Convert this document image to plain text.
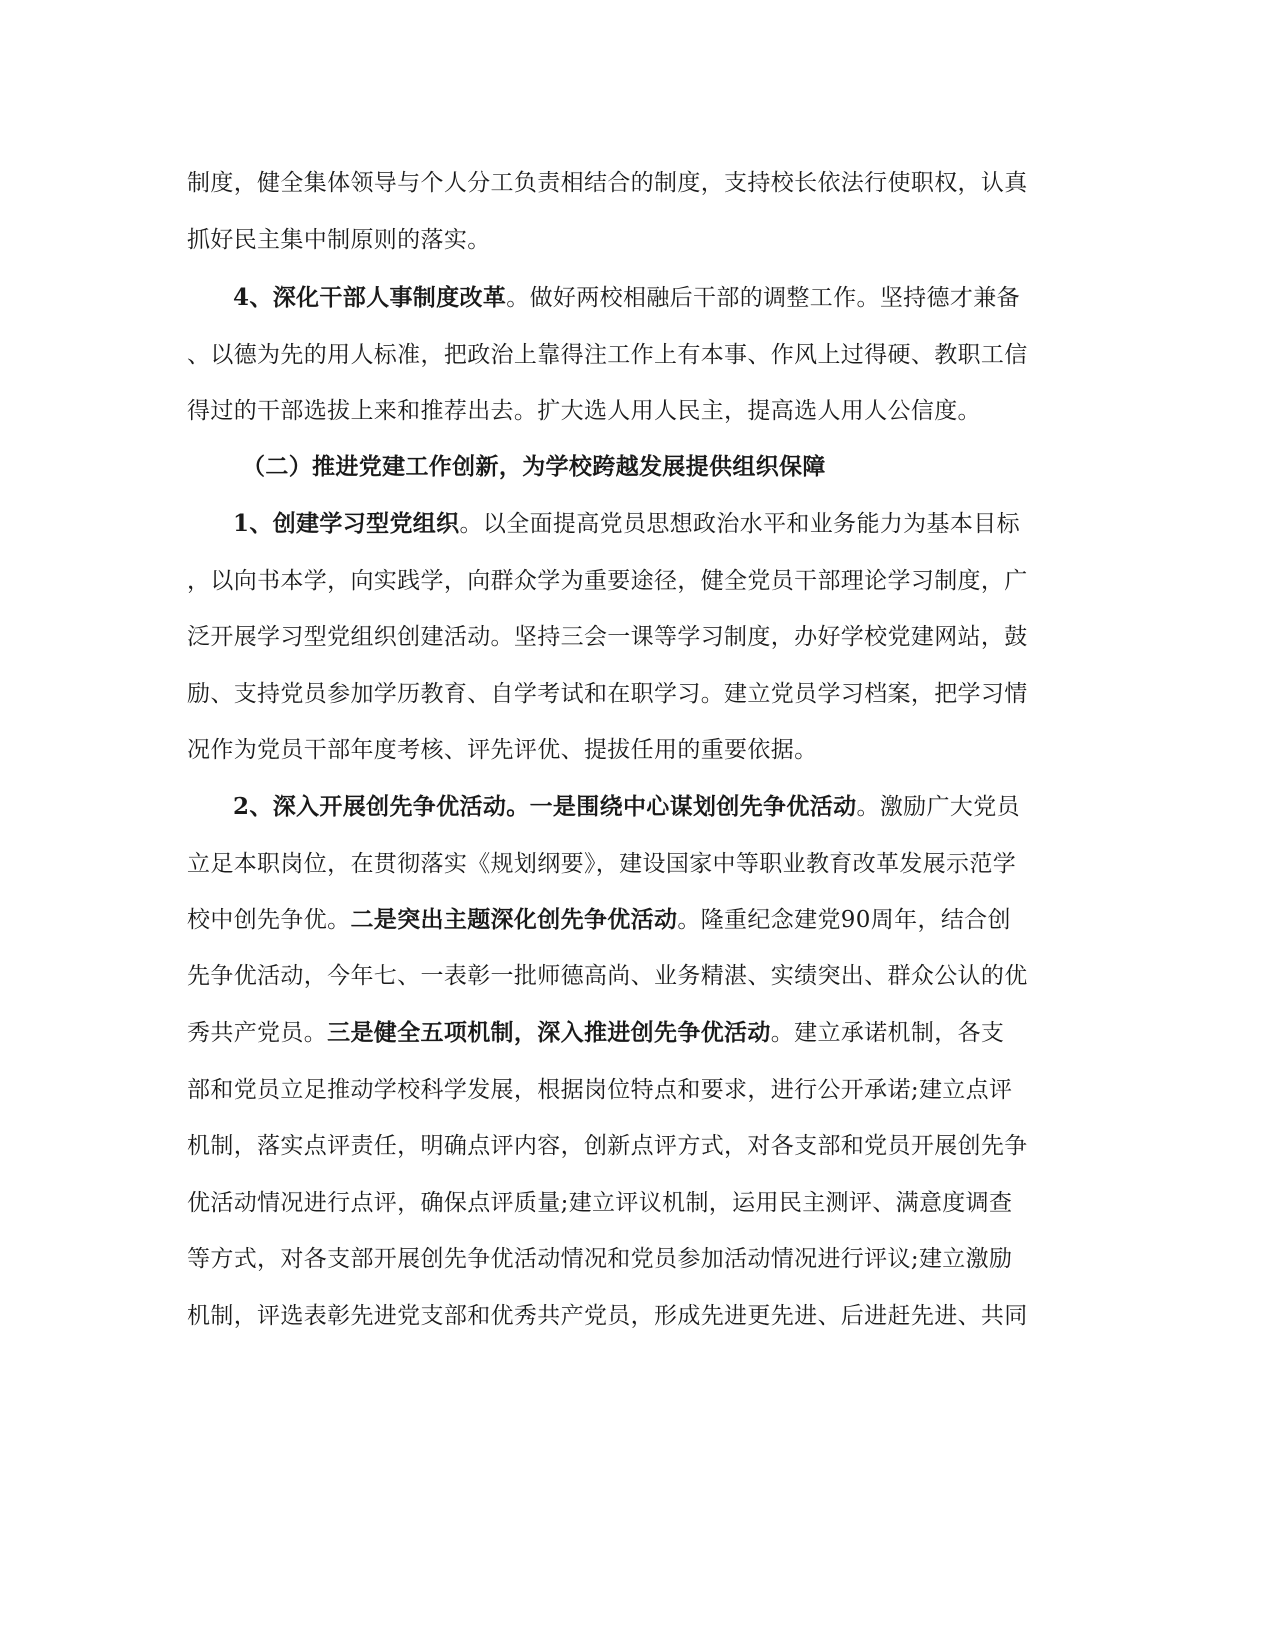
制度，健全集体领导与个人分工负责相结合的制度，支持校长依法行使职权，认真
抓好民主集中制原则的落实。
4、深化干部人事制度改革。做好两校相融后干部的调整工作。坚持德才兼备
、以德为先的用人标准，把政治上靠得注工作上有本事、作风上过得硬、教职工信
得过的干部选拔上来和推荐出去。扩大选人用人民主，提高选人用人公信度。
（二）推进党建工作创新，为学校跨越发展提供组织保障
1、创建学习型党组织。以全面提高党员思想政治水平和业务能力为基本目标
，以向书本学，向实践学，向群众学为重要途径，健全党员干部理论学习制度，广
泛开展学习型党组织创建活动。坚持三会一课等学习制度，办好学校党建网站，鼓
励、支持党员参加学历教育、自学考试和在职学习。建立党员学习档案，把学习情
况作为党员干部年度考核、评先评优、提拔任用的重要依据。
2、深入开展创先争优活动。一是围绕中心谋划创先争优活动。激励广大党员
立足本职岗位，在贯彻落实《规划纲要》，建设国家中等职业教育改革发展示范学
校中创先争优。二是突出主题深化创先争优活动。隆重纪念建党90周年，结合创
先争优活动，今年七、一表彰一批师德高尚、业务精湛、实绩突出、群众公认的优
秀共产党员。三是健全五项机制，深入推进创先争优活动。建立承诺机制，各支
部和党员立足推动学校科学发展，根据岗位特点和要求，进行公开承诺;建立点评
机制，落实点评责任，明确点评内容，创新点评方式，对各支部和党员开展创先争
优活动情况进行点评，确保点评质量;建立评议机制，运用民主测评、满意度调查
等方式，对各支部开展创先争优活动情况和党员参加活动情况进行评议;建立激励
机制，评选表彰先进党支部和优秀共产党员，形成先进更先进、后进赶先进、共同
